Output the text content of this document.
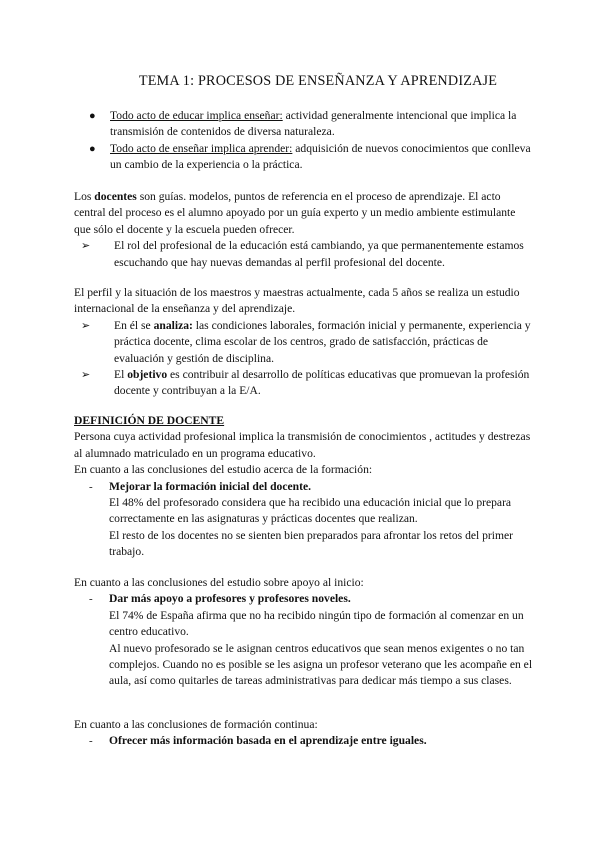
TEMA 1: PROCESOS DE ENSEÑANZA Y APRENDIZAJE
● Todo acto de educar implica enseñar: actividad generalmente intencional que implica la transmisión de contenidos de diversa naturaleza.
● Todo acto de enseñar implica aprender: adquisición de nuevos conocimientos que conlleva un cambio de la experiencia o la práctica.
Los docentes son guías. modelos, puntos de referencia en el proceso de aprendizaje. El acto central del proceso es el alumno apoyado por un guía experto y un medio ambiente estimulante que sólo el docente y la escuela pueden ofrecer.
➢ El rol del profesional de la educación está cambiando, ya que permanentemente estamos escuchando que hay nuevas demandas al perfil profesional del docente.
El perfil y la situación de los maestros y maestras actualmente, cada 5 años se realiza un estudio internacional de la enseñanza y del aprendizaje.
➢ En él se analiza: las condiciones laborales, formación inicial y permanente, experiencia y práctica docente, clima escolar de los centros, grado de satisfacción, prácticas de evaluación y gestión de disciplina.
➢ El objetivo es contribuir al desarrollo de políticas educativas que promuevan la profesión docente y contribuyan a la E/A.
DEFINICIÓN DE DOCENTE
Persona cuya actividad profesional implica la transmisión de conocimientos , actitudes y destrezas al alumnado matriculado en un programa educativo.
En cuanto a las conclusiones del estudio acerca de la formación:
- Mejorar la formación inicial del docente.
El 48% del profesorado considera que ha recibido una educación inicial que lo prepara correctamente en las asignaturas y prácticas docentes que realizan.
El resto de los docentes no se sienten bien preparados para afrontar los retos del primer trabajo.
En cuanto a las conclusiones del estudio sobre apoyo al inicio:
- Dar más apoyo a profesores y profesores noveles.
El 74% de España afirma que no ha recibido ningún tipo de formación al comenzar en un centro educativo.
Al nuevo profesorado se le asignan centros educativos que sean menos exigentes o no tan complejos. Cuando no es posible se les asigna un profesor veterano que les acompañe en el aula, así como quitarles de tareas administrativas para dedicar más tiempo a sus clases.
En cuanto a las conclusiones de formación continua:
- Ofrecer más información basada en el aprendizaje entre iguales.
